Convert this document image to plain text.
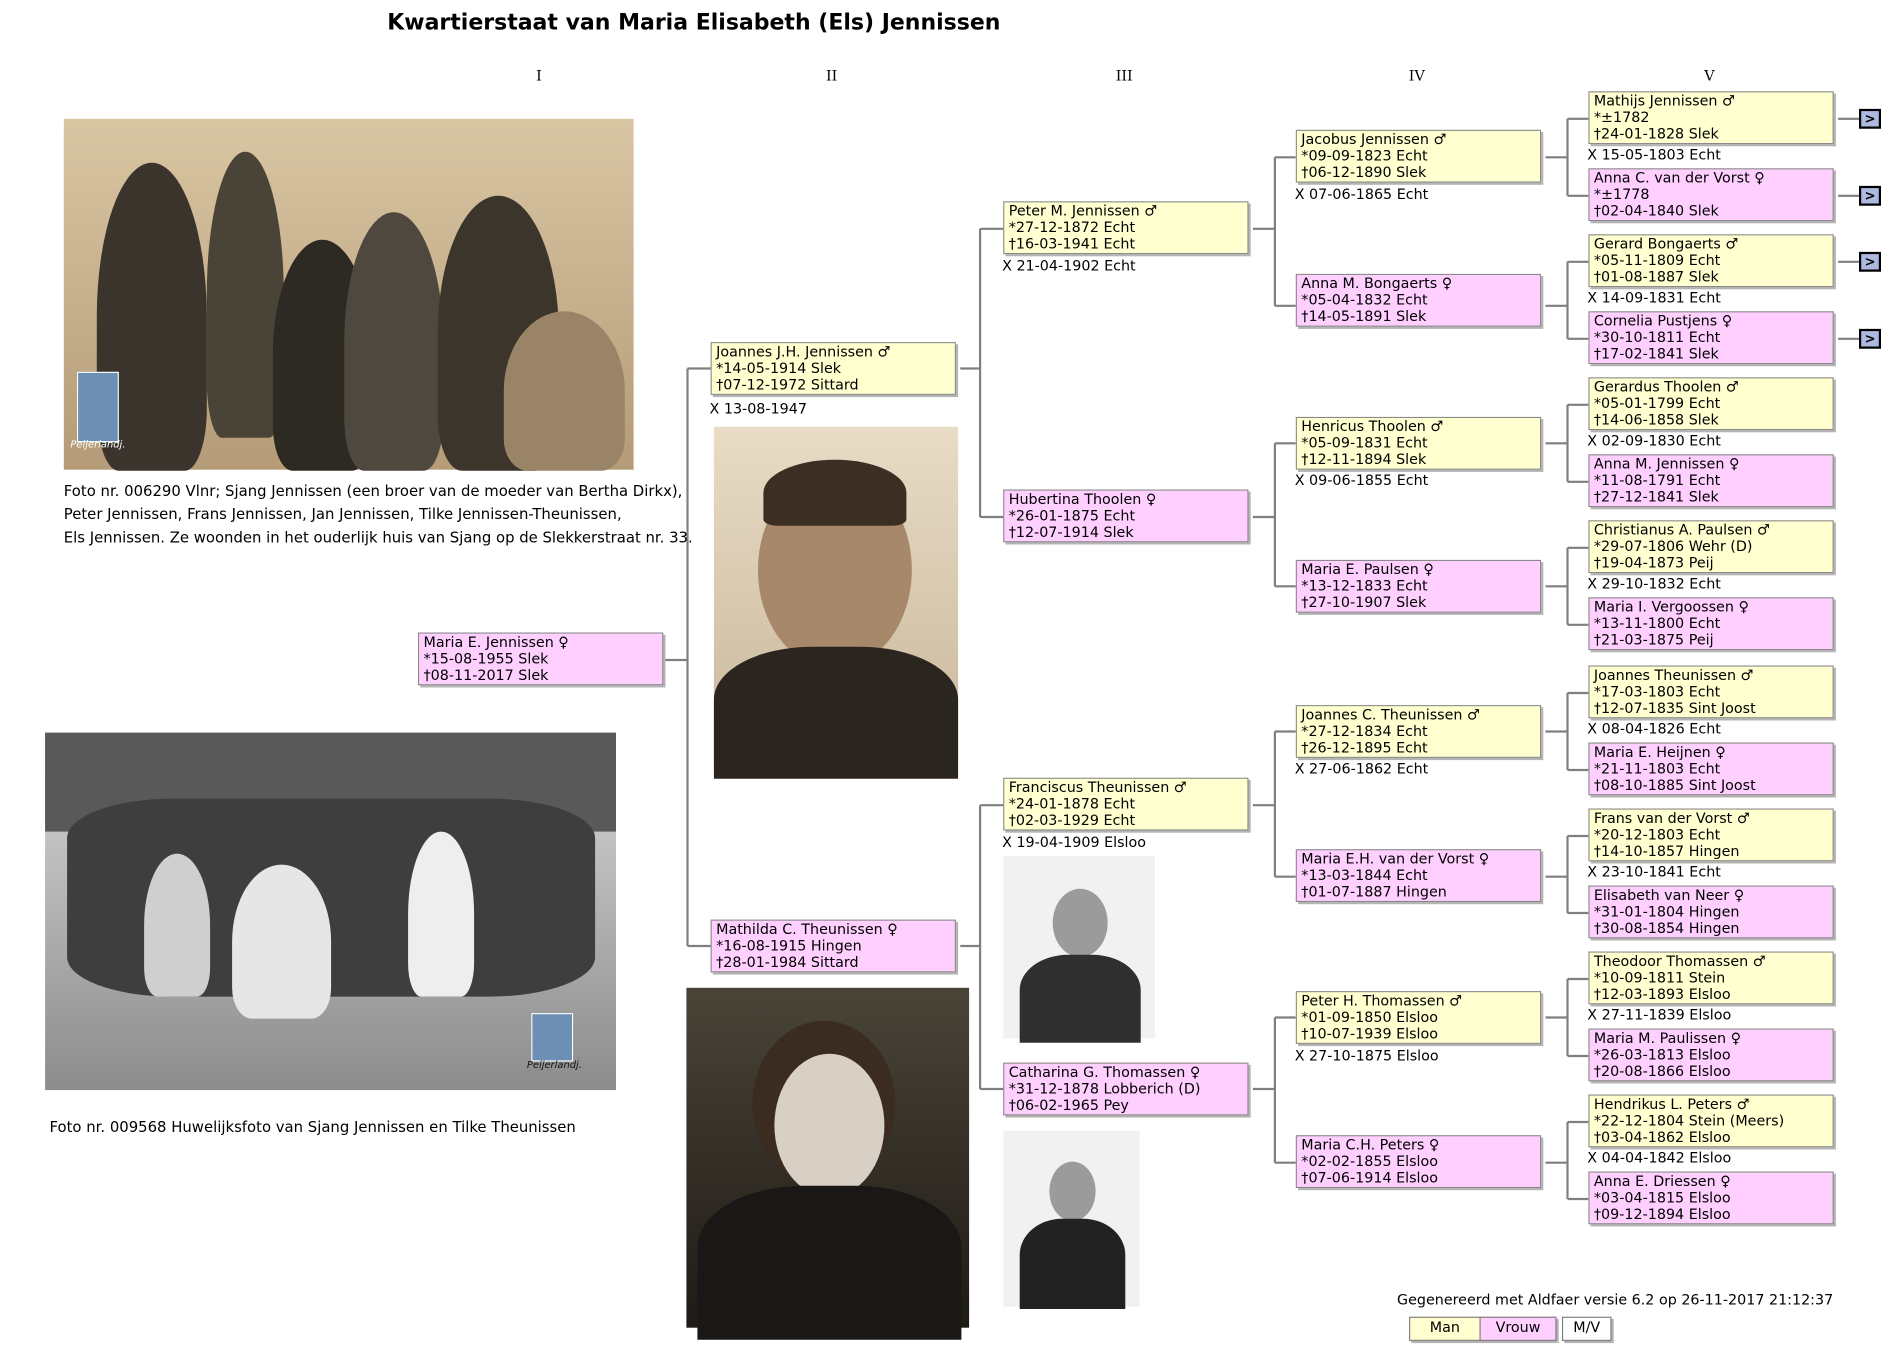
Kwartierstaat van Maria Elisabeth (Els) Jennissen
I	II	III	IV	V
Maria E. Jennissen ♀
*15-08-1955 Slek
†08-11-2017 Slek
Joannes J.H. Jennissen ♂
*14-05-1914 Slek
†07-12-1972 Sittard
X 13-08-1947
Mathilda C. Theunissen ♀
*16-08-1915 Hingen
†28-01-1984 Sittard
Peter M. Jennissen ♂
*27-12-1872 Echt
†16-03-1941 Echt
X 21-04-1902 Echt
Hubertina Thoolen ♀
*26-01-1875 Echt
†12-07-1914 Slek
Franciscus Theunissen ♂
*24-01-1878 Echt
†02-03-1929 Echt
X 19-04-1909 Elsloo
Catharina G. Thomassen ♀
*31-12-1878 Lobberich (D)
†06-02-1965 Pey
Jacobus Jennissen ♂
*09-09-1823 Echt
†06-12-1890 Slek
X 07-06-1865 Echt
Anna M. Bongaerts ♀
*05-04-1832 Echt
†14-05-1891 Slek
Henricus Thoolen ♂
*05-09-1831 Echt
†12-11-1894 Slek
X 09-06-1855 Echt
Maria E. Paulsen ♀
*13-12-1833 Echt
†27-10-1907 Slek
Joannes C. Theunissen ♂
*27-12-1834 Echt
†26-12-1895 Echt
X 27-06-1862 Echt
Maria E.H. van der Vorst ♀
*13-03-1844 Echt
†01-07-1887 Hingen
Peter H. Thomassen ♂
*01-09-1850 Elsloo
†10-07-1939 Elsloo
X 27-10-1875 Elsloo
Maria C.H. Peters ♀
*02-02-1855 Elsloo
†07-06-1914 Elsloo
Mathijs Jennissen ♂
*±1782
†24-01-1828 Slek
X 15-05-1803 Echt
Anna C. van der Vorst ♀
*±1778
†02-04-1840 Slek
Gerard Bongaerts ♂
*05-11-1809 Echt
†01-08-1887 Slek
X 14-09-1831 Echt
Cornelia Pustjens ♀
*30-10-1811 Echt
†17-02-1841 Slek
Gerardus Thoolen ♂
*05-01-1799 Echt
†14-06-1858 Slek
X 02-09-1830 Echt
Anna M. Jennissen ♀
*11-08-1791 Echt
†27-12-1841 Slek
Christianus A. Paulsen ♂
*29-07-1806 Wehr (D)
†19-04-1873 Peij
X 29-10-1832 Echt
Maria I. Vergoossen ♀
*13-11-1800 Echt
†21-03-1875 Peij
Joannes Theunissen ♂
*17-03-1803 Echt
†12-07-1835 Sint Joost
X 08-04-1826 Echt
Maria E. Heijnen ♀
*21-11-1803 Echt
†08-10-1885 Sint Joost
Frans van der Vorst ♂
*20-12-1803 Echt
†14-10-1857 Hingen
X 23-10-1841 Echt
Elisabeth van Neer ♀
*31-01-1804 Hingen
†30-08-1854 Hingen
Theodoor Thomassen ♂
*10-09-1811 Stein
†12-03-1893 Elsloo
X 27-11-1839 Elsloo
Maria M. Paulissen ♀
*26-03-1813 Elsloo
†20-08-1866 Elsloo
Hendrikus L. Peters ♂
*22-12-1804 Stein (Meers)
†03-04-1862 Elsloo
X 04-04-1842 Elsloo
Anna E. Driessen ♀
*03-04-1815 Elsloo
†09-12-1894 Elsloo
>
>
>
>
Peijerlandj.
Foto nr. 006290 Vlnr; Sjang Jennissen (een broer van de moeder van Bertha Dirkx),
Peter Jennissen, Frans Jennissen, Jan Jennissen, Tilke Jennissen-Theunissen,
Els Jennissen. Ze woonden in het ouderlijk huis van Sjang op de Slekkerstraat nr. 33.
Peijerlandj.
Foto nr. 009568 Huwelijksfoto van Sjang Jennissen en Tilke Theunissen
Gegenereerd met Aldfaer versie 6.2 op 26-11-2017 21:12:37
Man	Vrouw	M/V
